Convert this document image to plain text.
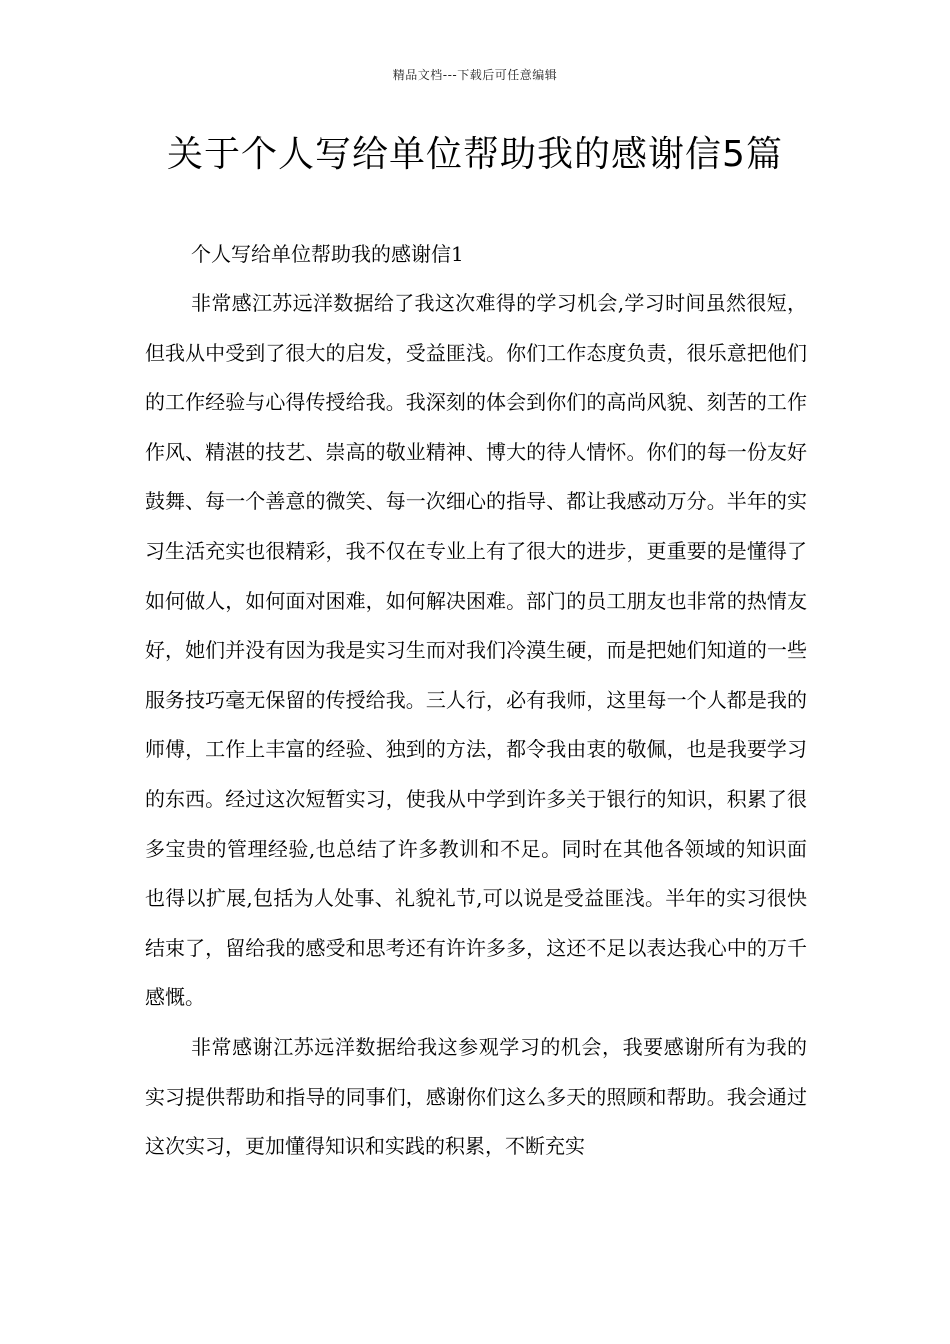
精品文档---下载后可任意编辑
关于个人写给单位帮助我的感谢信5篇
个人写给单位帮助我的感谢信1

非常感江苏远洋数据给了我这次难得的学习机会,学习时间虽然很短，但我从中受到了很大的启发，受益匪浅。你们工作态度负责，很乐意把他们的工作经验与心得传授给我。我深刻的体会到你们的高尚风貌、刻苦的工作作风、精湛的技艺、崇高的敬业精神、博大的待人情怀。你们的每一份友好鼓舞、每一个善意的微笑、每一次细心的指导、都让我感动万分。半年的实习生活充实也很精彩，我不仅在专业上有了很大的进步，更重要的是懂得了如何做人，如何面对困难，如何解决困难。部门的员工朋友也非常的热情友好，她们并没有因为我是实习生而对我们冷漠生硬，而是把她们知道的一些服务技巧毫无保留的传授给我。三人行，必有我师，这里每一个人都是我的师傅，工作上丰富的经验、独到的方法，都令我由衷的敬佩，也是我要学习的东西。经过这次短暂实习，使我从中学到许多关于银行的知识，积累了很多宝贵的管理经验,也总结了许多教训和不足。同时在其他各领域的知识面也得以扩展,包括为人处事、礼貌礼节,可以说是受益匪浅。半年的实习很快结束了，留给我的感受和思考还有许许多多，这还不足以表达我心中的万千感慨。

非常感谢江苏远洋数据给我这参观学习的机会，我要感谢所有为我的实习提供帮助和指导的同事们，感谢你们这么多天的照顾和帮助。我会通过这次实习，更加懂得知识和实践的积累，不断充实
